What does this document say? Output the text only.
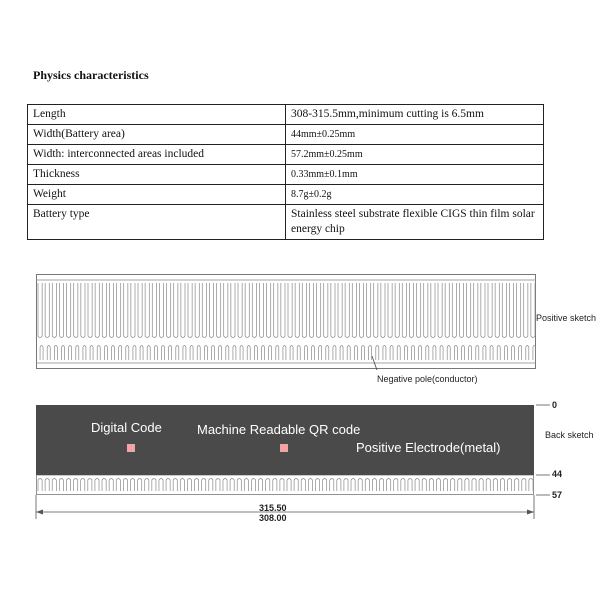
Physics characteristics
Length	308-315.5mm,minimum cutting is 6.5mm
Width(Battery area)	44mm±0.25mm
Width: interconnected areas included	57.2mm±0.25mm
Thickness	0.33mm±0.1mm
Weight	8.7g±0.2g
Battery type	Stainless steel substrate flexible CIGS thin film solar energy chip
Positive sketch
Negative pole(conductor)
Digital Code	Machine Readable QR code
Positive Electrode(metal)
0
Back sketch
44
57
315.50
308.00
